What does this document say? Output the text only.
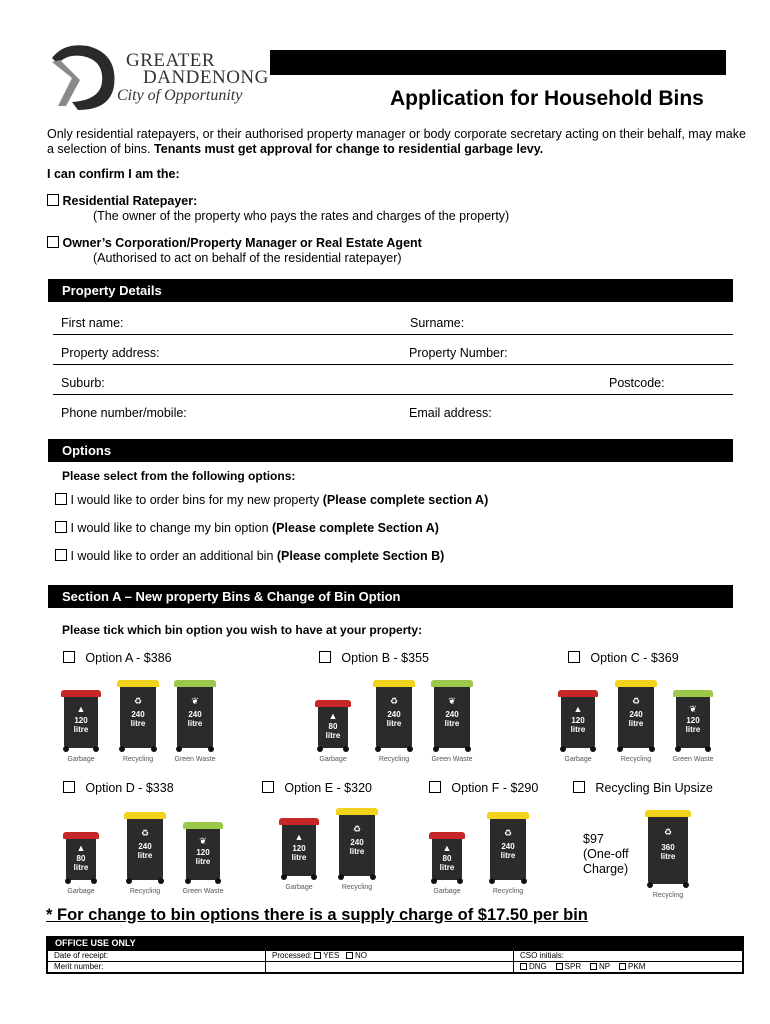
GREATER
DANDENONG
City of Opportunity	Application for Household Bins
Only residential ratepayers, or their authorised property manager or body corporate secretary acting on their behalf, may make a selection of bins. Tenants must get approval for change to residential garbage levy.
I can confirm I am the:
Residential Ratepayer:
(The owner of the property who pays the rates and charges of the property)
Owner’s Corporation/Property Manager or Real Estate Agent
(Authorised to act on behalf of the residential ratepayer)
Property Details
First name:	Surname:
Property address:	Property Number:
Suburb:	Postcode:
Phone number/mobile:	Email address:
Options
Please select from the following options:
I would like to order bins for my new property (Please complete section A)
I would like to change my bin option (Please complete Section A)
I would like to order an additional bin (Please complete Section B)
Section A – New property Bins & Change of Bin Option
Please tick which bin option you wish to have at your property:
Option A - $386	Option B - $355	Option C - $369
Option D - $338	Option E - $320	Option F - $290	Recycling Bin Upsize
$97
(One-off
Charge)
▲
120
litre
Garbage
♻
240
litre
Recycling
❦
240
litre
Green Waste
▲
80
litre
Garbage
♻
240
litre
Recycling
❦
240
litre
Green Waste
▲
120
litre
Garbage
♻
240
litre
Recycling
❦
120
litre
Green Waste
▲
80
litre
Garbage
♻
240
litre
Recycling
❦
120
litre
Green Waste
▲
120
litre
Garbage
♻
240
litre
Recycling
▲
80
litre
Garbage
♻
240
litre
Recycling
♻
360
litre
Recycling
* For change to bin options there is a supply charge of $17.50 per bin
OFFICE USE ONLY
Date of receipt:	Processed: YES NO	CSO initials:
Merit number:		DNG SPR NP PKM
